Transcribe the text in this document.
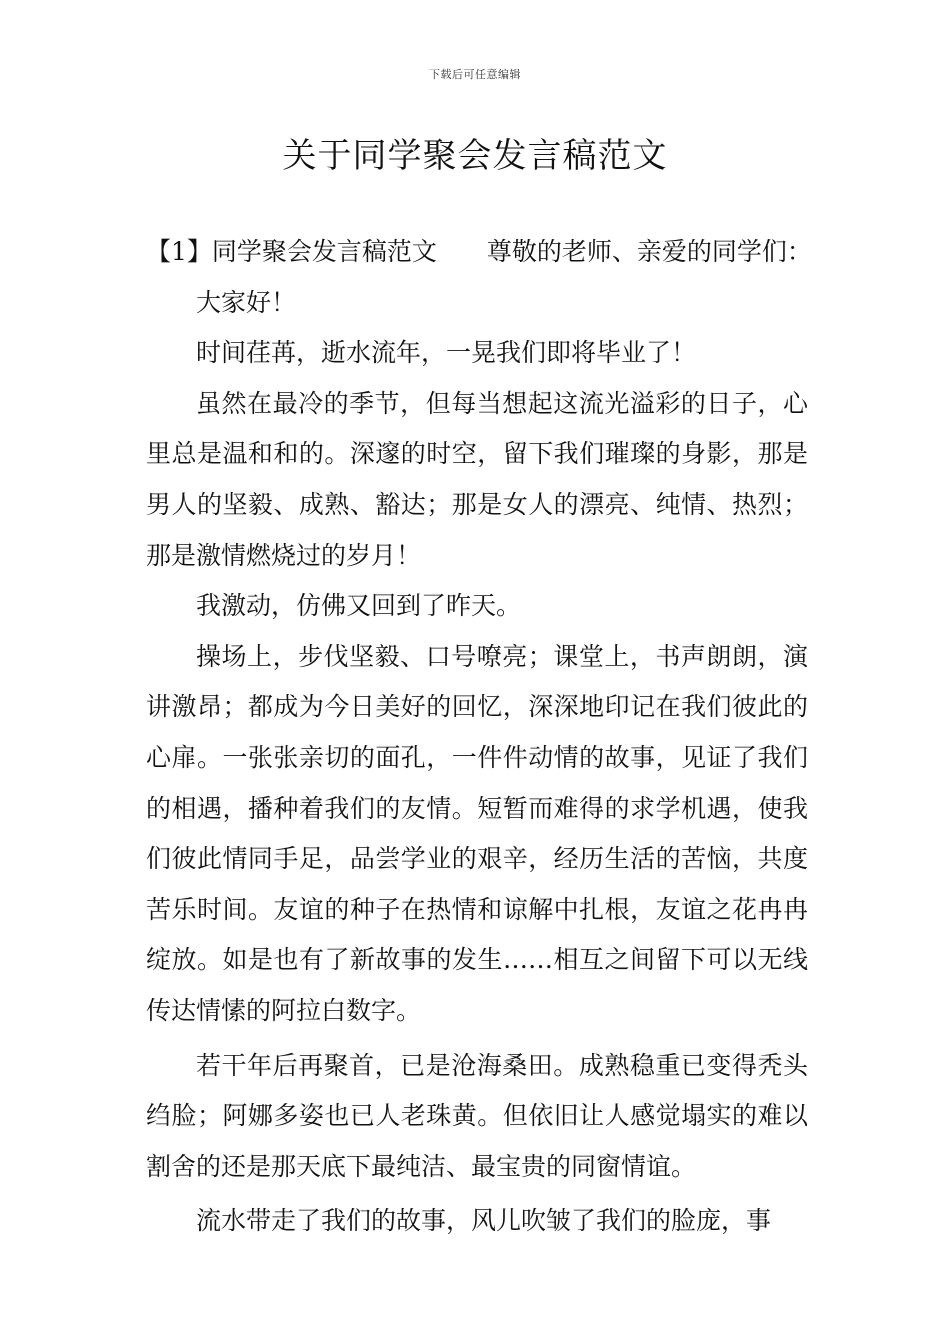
下载后可任意编辑
关于同学聚会发言稿范文

【1】同学聚会发言稿范文 尊敬的老师、亲爱的同学们：

大家好！

时间荏苒，逝水流年，一晃我们即将毕业了！

虽然在最冷的季节，但每当想起这流光溢彩的日子，心里总是温和和的。深邃的时空，留下我们璀璨的身影，那是男人的坚毅、成熟、豁达；那是女人的漂亮、纯情、热烈；那是激情燃烧过的岁月！

我激动，仿佛又回到了昨天。

操场上，步伐坚毅、口号嘹亮；课堂上，书声朗朗，演讲激昂；都成为今日美好的回忆，深深地印记在我们彼此的心扉。一张张亲切的面孔，一件件动情的故事，见证了我们的相遇，播种着我们的友情。短暂而难得的求学机遇，使我们彼此情同手足，品尝学业的艰辛，经历生活的苦恼，共度苦乐时间。友谊的种子在热情和谅解中扎根，友谊之花冉冉绽放。如是也有了新故事的发生……相互之间留下可以无线传达情愫的阿拉白数字。

若干年后再聚首，已是沧海桑田。成熟稳重已变得秃头绉脸；阿娜多姿也已人老珠黄。但依旧让人感觉塌实的难以割舍的还是那天底下最纯洁、最宝贵的同窗情谊。

流水带走了我们的故事，风儿吹皱了我们的脸庞，事
